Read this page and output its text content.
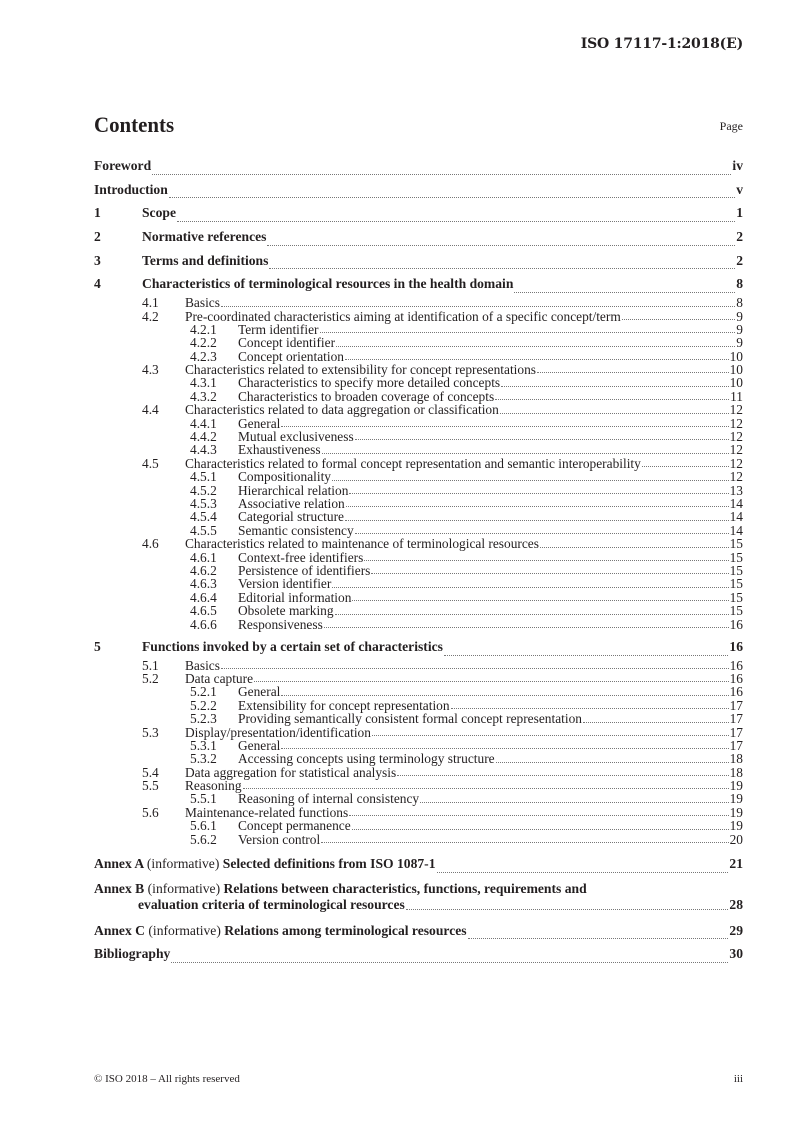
ISO 17117-1:2018(E)
Contents	Page
Foreword	iv
Introduction	v
1	Scope	1
2	Normative references	2
3	Terms and definitions	2
4	Characteristics of terminological resources in the health domain	8
4.1	Basics	8
4.2	Pre-coordinated characteristics aiming at identification of a specific concept/term	9
4.2.1	Term identifier	9
4.2.2	Concept identifier	9
4.2.3	Concept orientation	10
4.3	Characteristics related to extensibility for concept representations	10
4.3.1	Characteristics to specify more detailed concepts	10
4.3.2	Characteristics to broaden coverage of concepts	11
4.4	Characteristics related to data aggregation or classification	12
4.4.1	General	12
4.4.2	Mutual exclusiveness	12
4.4.3	Exhaustiveness	12
4.5	Characteristics related to formal concept representation and semantic interoperability	12
4.5.1	Compositionality	12
4.5.2	Hierarchical relation	13
4.5.3	Associative relation	14
4.5.4	Categorial structure	14
4.5.5	Semantic consistency	14
4.6	Characteristics related to maintenance of terminological resources	15
4.6.1	Context-free identifiers	15
4.6.2	Persistence of identifiers	15
4.6.3	Version identifier	15
4.6.4	Editorial information	15
4.6.5	Obsolete marking	15
4.6.6	Responsiveness	16
5	Functions invoked by a certain set of characteristics	16
5.1	Basics	16
5.2	Data capture	16
5.2.1	General	16
5.2.2	Extensibility for concept representation	17
5.2.3	Providing semantically consistent formal concept representation	17
5.3	Display/presentation/identification	17
5.3.1	General	17
5.3.2	Accessing concepts using terminology structure	18
5.4	Data aggregation for statistical analysis	18
5.5	Reasoning	19
5.5.1	Reasoning of internal consistency	19
5.6	Maintenance-related functions	19
5.6.1	Concept permanence	19
5.6.2	Version control	20
Annex A (informative) Selected definitions from ISO 1087-1	21
Annex B (informative) Relations between characteristics, functions, requirements and
evaluation criteria of terminological resources	28
Annex C (informative) Relations among terminological resources	29
Bibliography	30
© ISO 2018 – All rights reserved	iii
